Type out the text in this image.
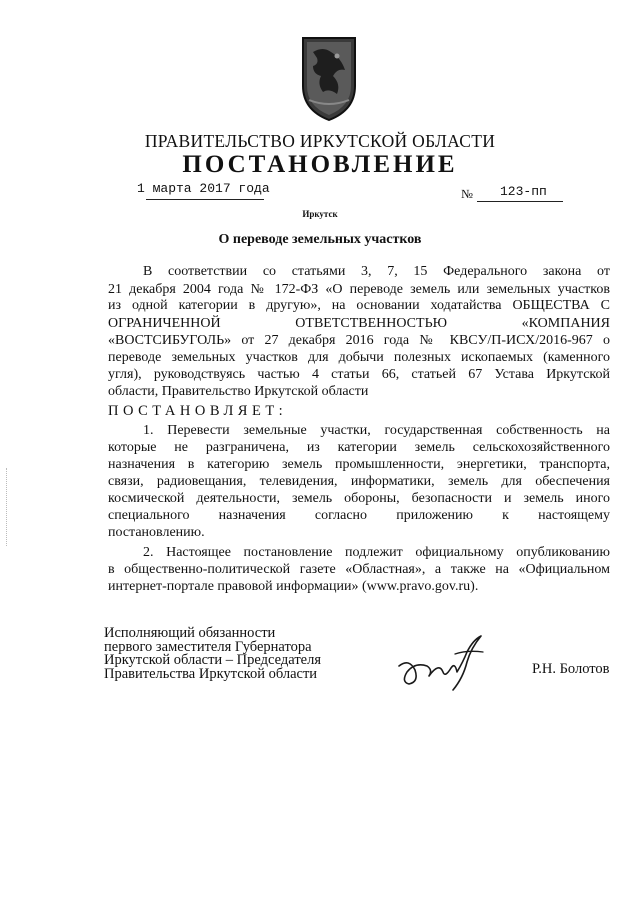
ПРАВИТЕЛЬСТВО ИРКУТСКОЙ ОБЛАСТИ
ПОСТАНОВЛЕНИЕ
1 марта 2017 года	№ 123-пп
Иркутск
О переводе земельных участков
В соответствии со статьями 3, 7, 15 Федерального закона от
21 декабря 2004 года № 172-ФЗ «О переводе земель или земельных участков
из одной категории в другую», на основании ходатайства ОБЩЕСТВА С
ОГРАНИЧЕННОЙ ОТВЕТСТВЕННОСТЬЮ «КОМПАНИЯ
«ВОСТСИБУГОЛЬ» от 27 декабря 2016 года № КВСУ/П-ИСХ/2016-967 о
переводе земельных участков для добычи полезных ископаемых (каменного
угля), руководствуясь частью 4 статьи 66, статьей 67 Устава Иркутской
области, Правительство Иркутской области
ПОСТАНОВЛЯЕТ:
1. Перевести земельные участки, государственная собственность на
которые не разграничена, из категории земель сельскохозяйственного
назначения в категорию земель промышленности, энергетики, транспорта,
связи, радиовещания, телевидения, информатики, земель для обеспечения
космической деятельности, земель обороны, безопасности и земель иного
специального назначения согласно приложению к настоящему
постановлению.
2. Настоящее постановление подлежит официальному опубликованию
в общественно-политической газете «Областная», а также на «Официальном
интернет-портале правовой информации» (www.pravo.gov.ru).
Исполняющий обязанности
первого заместителя Губернатора
Иркутской области – Председателя
Правительства Иркутской области	Р.Н. Болотов
